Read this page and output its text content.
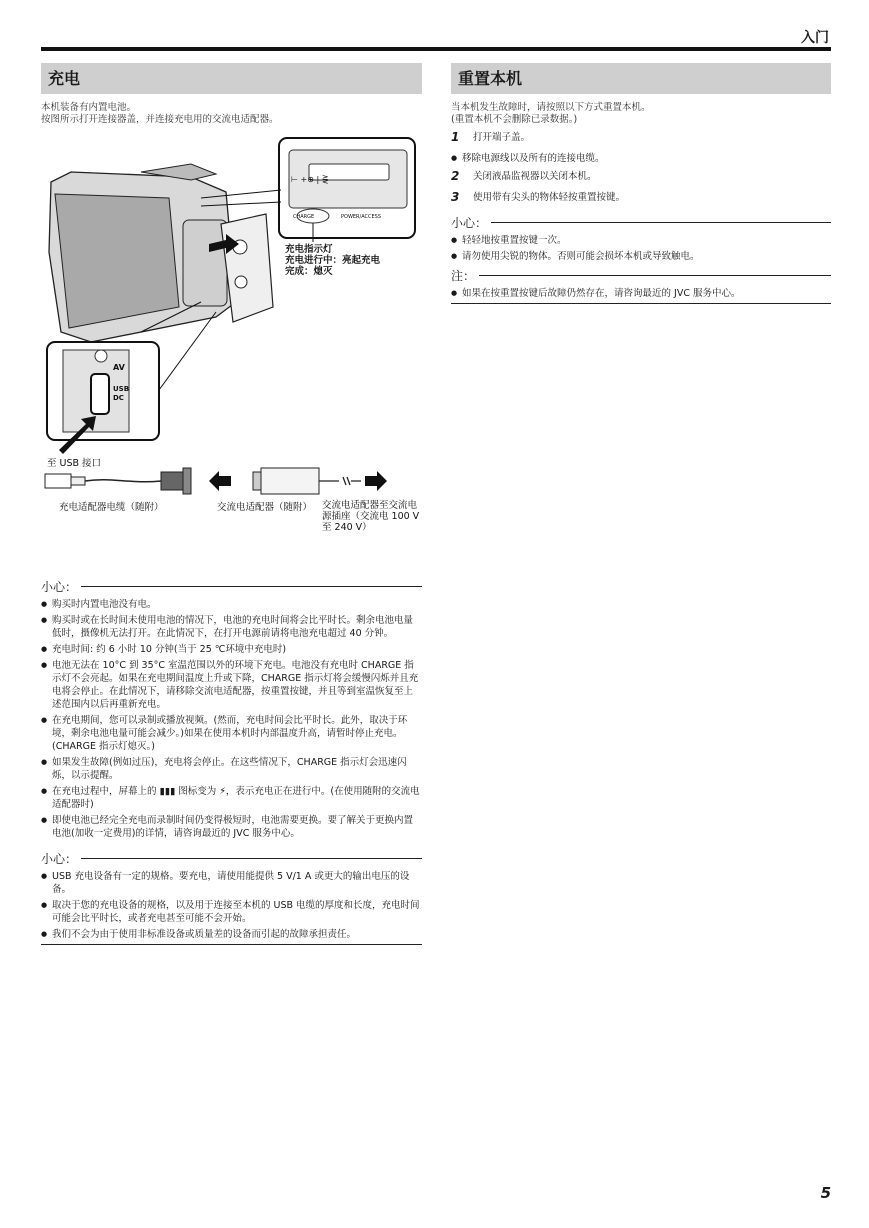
入门
充电
本机装备有内置电池。
按图所示打开连接器盖，并连接充电用的交流电适配器。
⊢ +⊕ | ⋛
CHARGE	POWER/ACCESS
充电指示灯
充电进行中：亮起充电
完成：熄灭
AV
USB
DC
至 USB 接口
充电适配器电缆（随附）	交流电适配器（随附） 交流电适配器至交流电源插座（交流电 100 V 至 240 V）
小心：
● 购买时内置电池没有电。
● 购买时或在长时间未使用电池的情况下，电池的充电时间将会比平时长。剩余电池电量低时，摄像机无法打开。在此情况下，在打开电源前请将电池充电超过 40 分钟。
● 充电时间: 约 6 小时 10 分钟(当于 25 ℃环境中充电时)
● 电池无法在 10°C 到 35°C 室温范围以外的环境下充电。电池没有充电时 CHARGE 指示灯不会亮起。如果在充电期间温度上升或下降，CHARGE 指示灯将会缓慢闪烁并且充电将会停止。在此情况下，请移除交流电适配器，按重置按键，并且等到室温恢复至上述范围内以后再重新充电。
● 在充电期间，您可以录制或播放视频。(然而，充电时间会比平时长。此外，取决于环境，剩余电池电量可能会减少。)如果在使用本机时内部温度升高，请暂时停止充电。(CHARGE 指示灯熄灭。)
● 如果发生故障(例如过压)，充电将会停止。在这些情况下，CHARGE 指示灯会迅速闪烁，以示提醒。
● 在充电过程中，屏幕上的 ▮▮▮ 图标变为 ⚡，表示充电正在进行中。(在使用随附的交流电适配器时)
● 即使电池已经完全充电而录制时间仍变得极短时，电池需要更换。要了解关于更换内置电池(加收一定费用)的详情，请咨询最近的 JVC 服务中心。
小心：
● USB 充电设备有一定的规格。要充电，请使用能提供 5 V/1 A 或更大的输出电压的设备。
● 取决于您的充电设备的规格，以及用于连接至本机的 USB 电缆的厚度和长度，充电时间可能会比平时长，或者充电甚至可能不会开始。
● 我们不会为由于使用非标准设备或质量差的设备而引起的故障承担责任。
重置本机
当本机发生故障时，请按照以下方式重置本机。
(重置本机不会删除已录数据。)
1	打开端子盖。
● 移除电源线以及所有的连接电缆。
2	关闭液晶监视器以关闭本机。
3	使用带有尖头的物体轻按重置按键。
小心：
● 轻轻地按重置按键一次。
● 请勿使用尖锐的物体。否则可能会损坏本机或导致触电。
注：
● 如果在按重置按键后故障仍然存在，请咨询最近的 JVC 服务中心。
5
